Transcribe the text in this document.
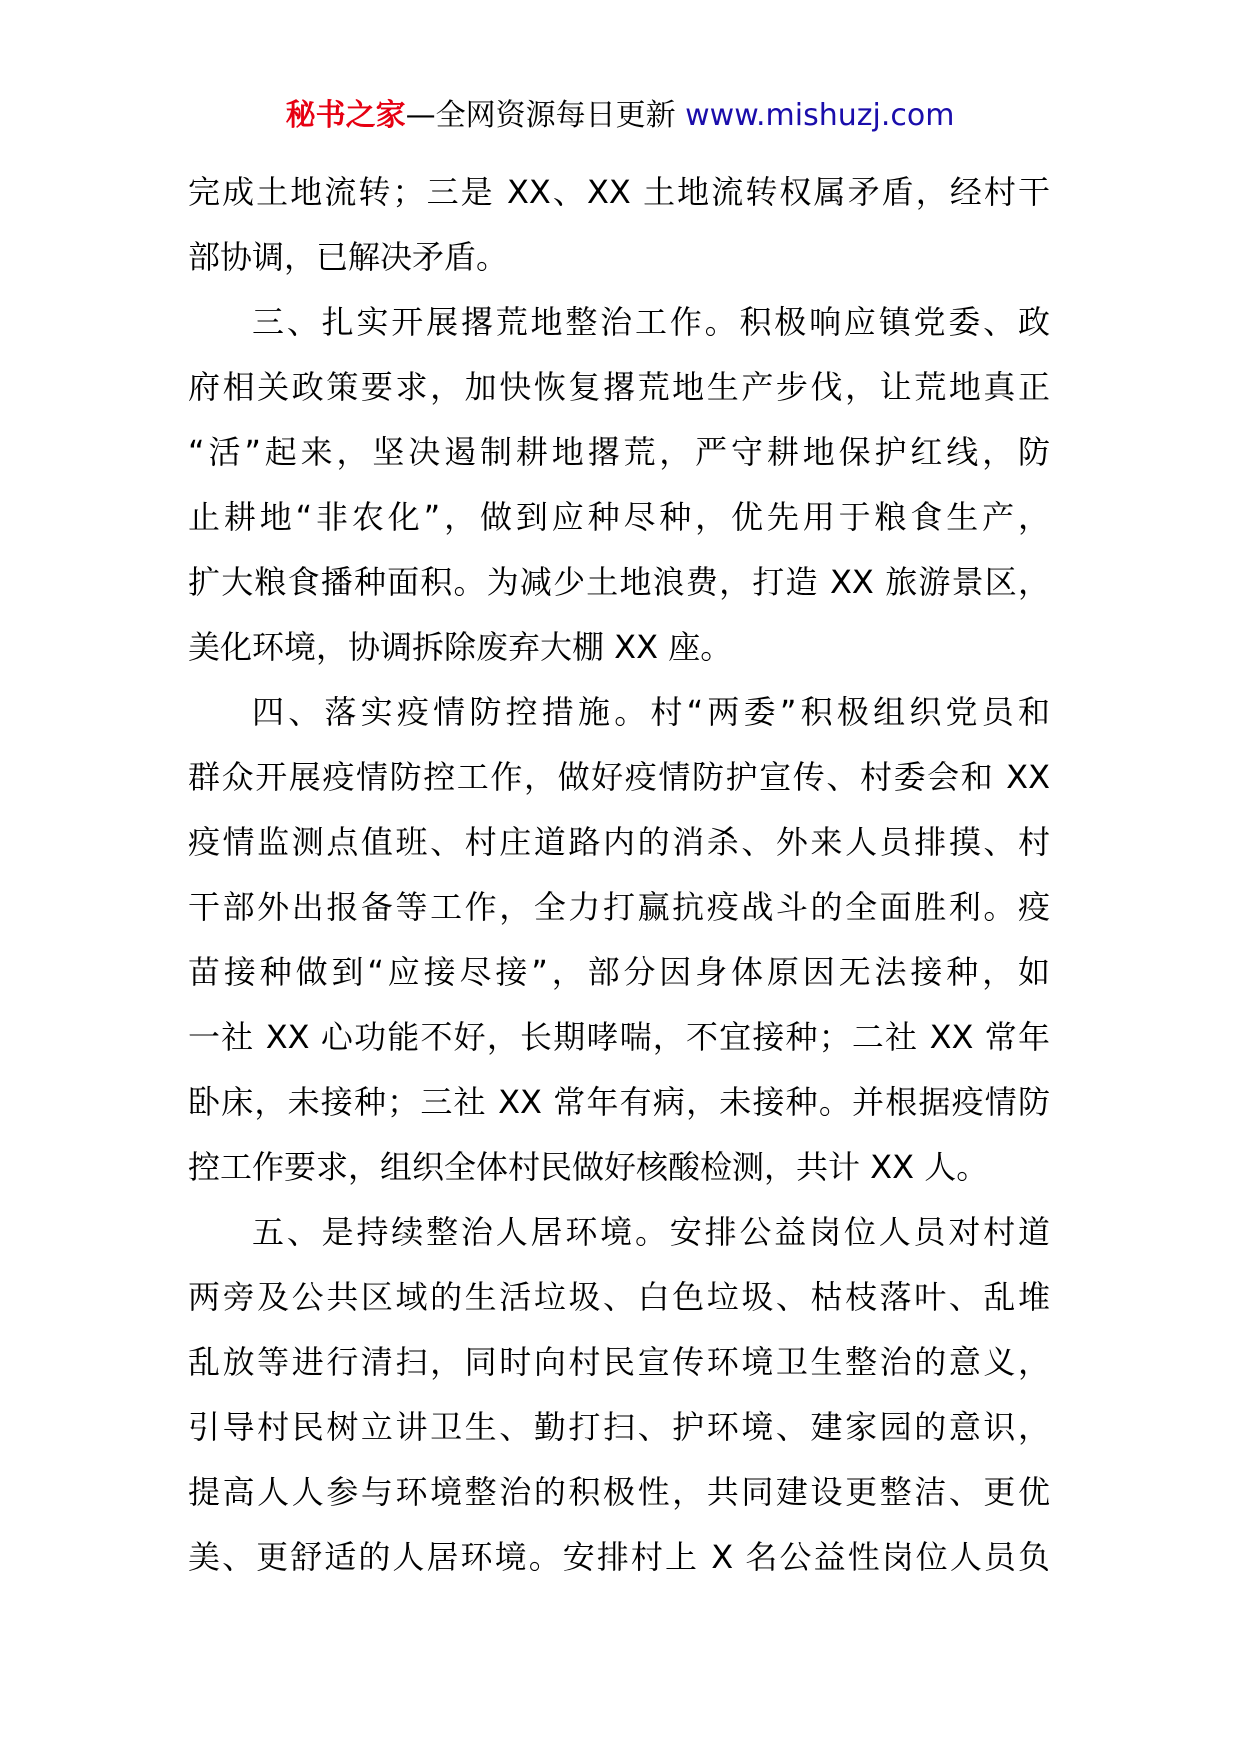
秘书之家—全网资源每日更新 www.mishuzj.com
完成土地流转；三是 XX、XX 土地流转权属矛盾，经村干
部协调，已解决矛盾。
三、扎实开展撂荒地整治工作。积极响应镇党委、政
府相关政策要求，加快恢复撂荒地生产步伐，让荒地真正
“活”起来，坚决遏制耕地撂荒，严守耕地保护红线，防
止耕地“非农化”，做到应种尽种，优先用于粮食生产，
扩大粮食播种面积。为减少土地浪费，打造 XX 旅游景区，
美化环境，协调拆除废弃大棚 XX 座。
四、落实疫情防控措施。村“两委”积极组织党员和
群众开展疫情防控工作，做好疫情防护宣传、村委会和 XX
疫情监测点值班、村庄道路内的消杀、外来人员排摸、村
干部外出报备等工作，全力打赢抗疫战斗的全面胜利。疫
苗接种做到“应接尽接”，部分因身体原因无法接种，如
一社 XX 心功能不好，长期哮喘，不宜接种；二社 XX 常年
卧床，未接种；三社 XX 常年有病，未接种。并根据疫情防
控工作要求，组织全体村民做好核酸检测，共计 XX 人。
五、是持续整治人居环境。安排公益岗位人员对村道
两旁及公共区域的生活垃圾、白色垃圾、枯枝落叶、乱堆
乱放等进行清扫，同时向村民宣传环境卫生整治的意义，
引导村民树立讲卫生、勤打扫、护环境、建家园的意识，
提高人人参与环境整治的积极性，共同建设更整洁、更优
美、更舒适的人居环境。安排村上 X 名公益性岗位人员负
